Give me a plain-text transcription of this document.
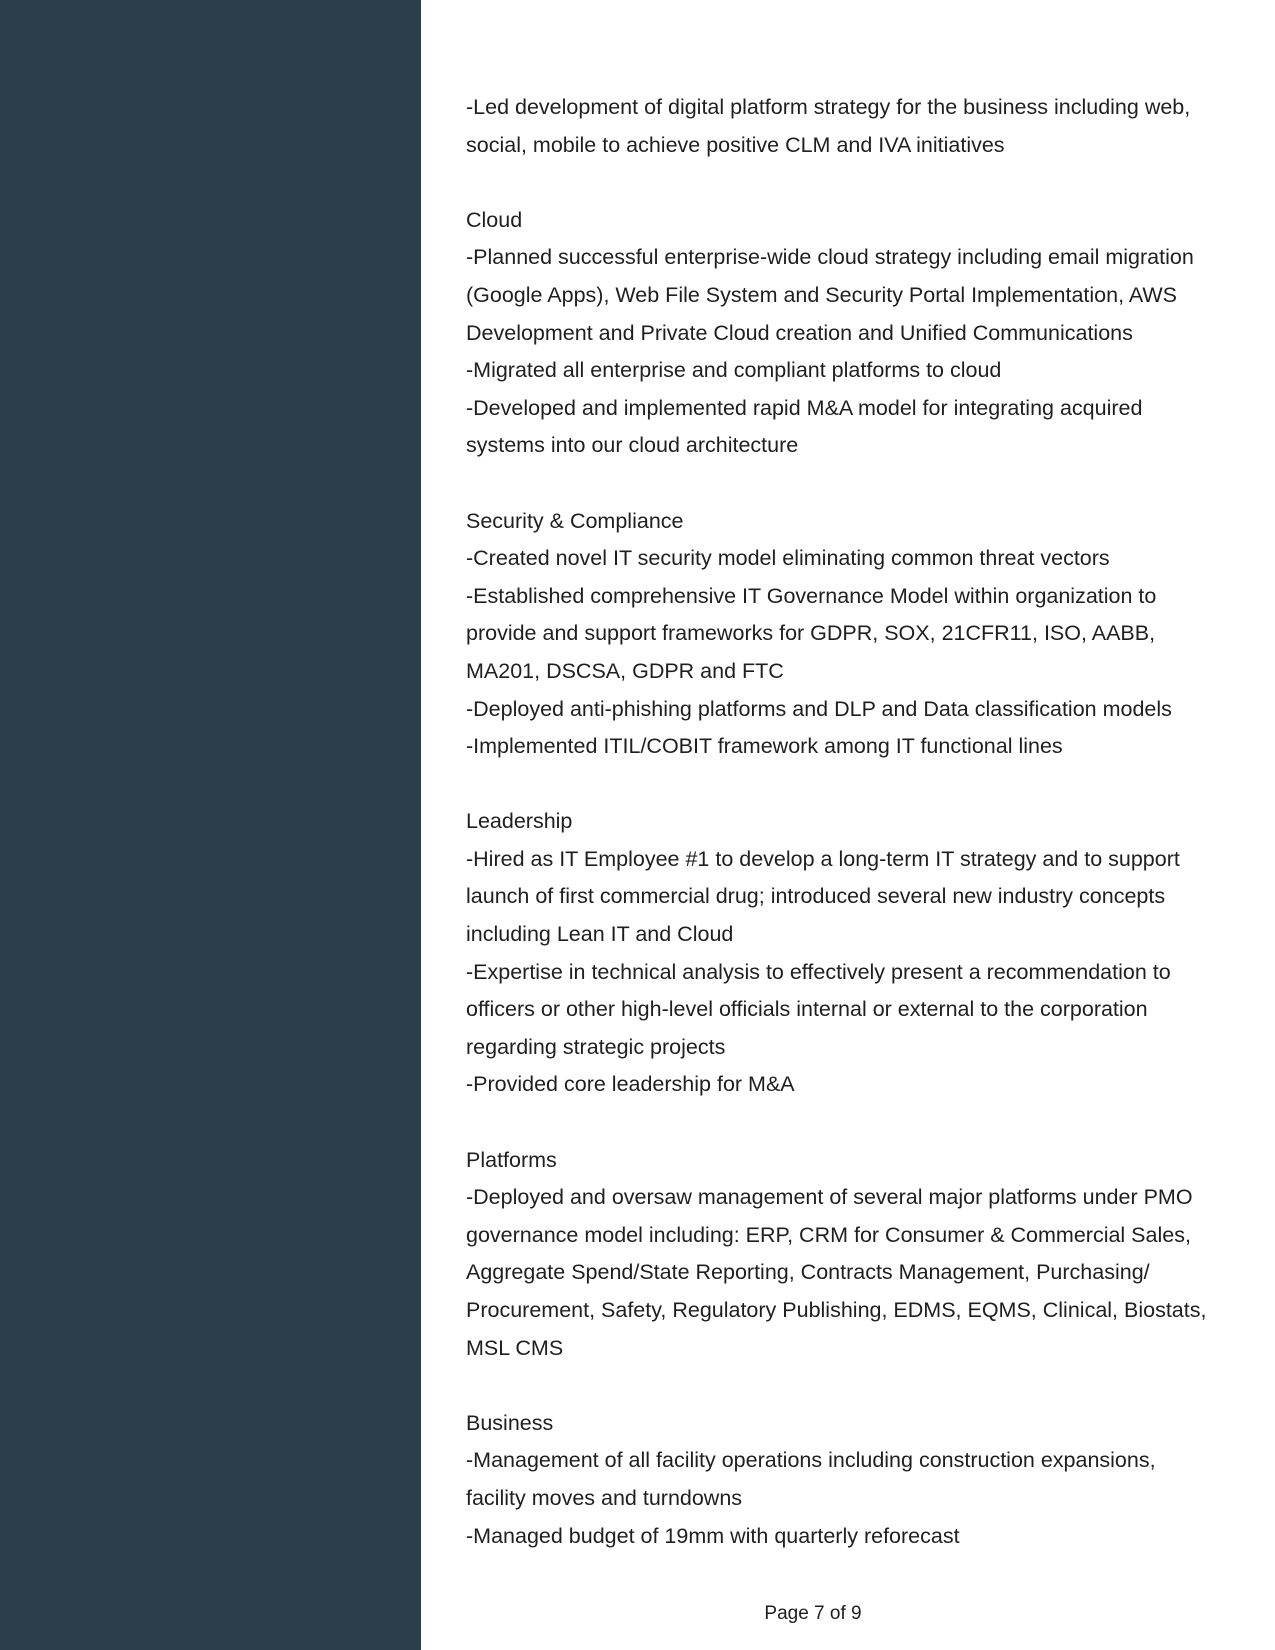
-Led development of digital platform strategy for the business including web,

social, mobile to achieve positive CLM and IVA initiatives

Cloud

-Planned successful enterprise-wide cloud strategy including email migration

(Google Apps), Web File System and Security Portal Implementation, AWS

Development and Private Cloud creation and Unified Communications

-Migrated all enterprise and compliant platforms to cloud

-Developed and implemented rapid M&A model for integrating acquired

systems into our cloud architecture

Security & Compliance

-Created novel IT security model eliminating common threat vectors

-Established comprehensive IT Governance Model within organization to

provide and support frameworks for GDPR, SOX, 21CFR11, ISO, AABB,

MA201, DSCSA, GDPR and FTC

-Deployed anti-phishing platforms and DLP and Data classification models

-Implemented ITIL/COBIT framework among IT functional lines

Leadership

-Hired as IT Employee #1 to develop a long-term IT strategy and to support

launch of first commercial drug; introduced several new industry concepts

including Lean IT and Cloud

-Expertise in technical analysis to effectively present a recommendation to

officers or other high-level officials internal or external to the corporation

regarding strategic projects

-Provided core leadership for M&A

Platforms

-Deployed and oversaw management of several major platforms under PMO

governance model including: ERP, CRM for Consumer & Commercial Sales,

Aggregate Spend/State Reporting, Contracts Management, Purchasing/

Procurement, Safety, Regulatory Publishing, EDMS, EQMS, Clinical, Biostats,

MSL CMS

Business

-Management of all facility operations including construction expansions,

facility moves and turndowns

-Managed budget of 19mm with quarterly reforecast

Page 7 of 9
